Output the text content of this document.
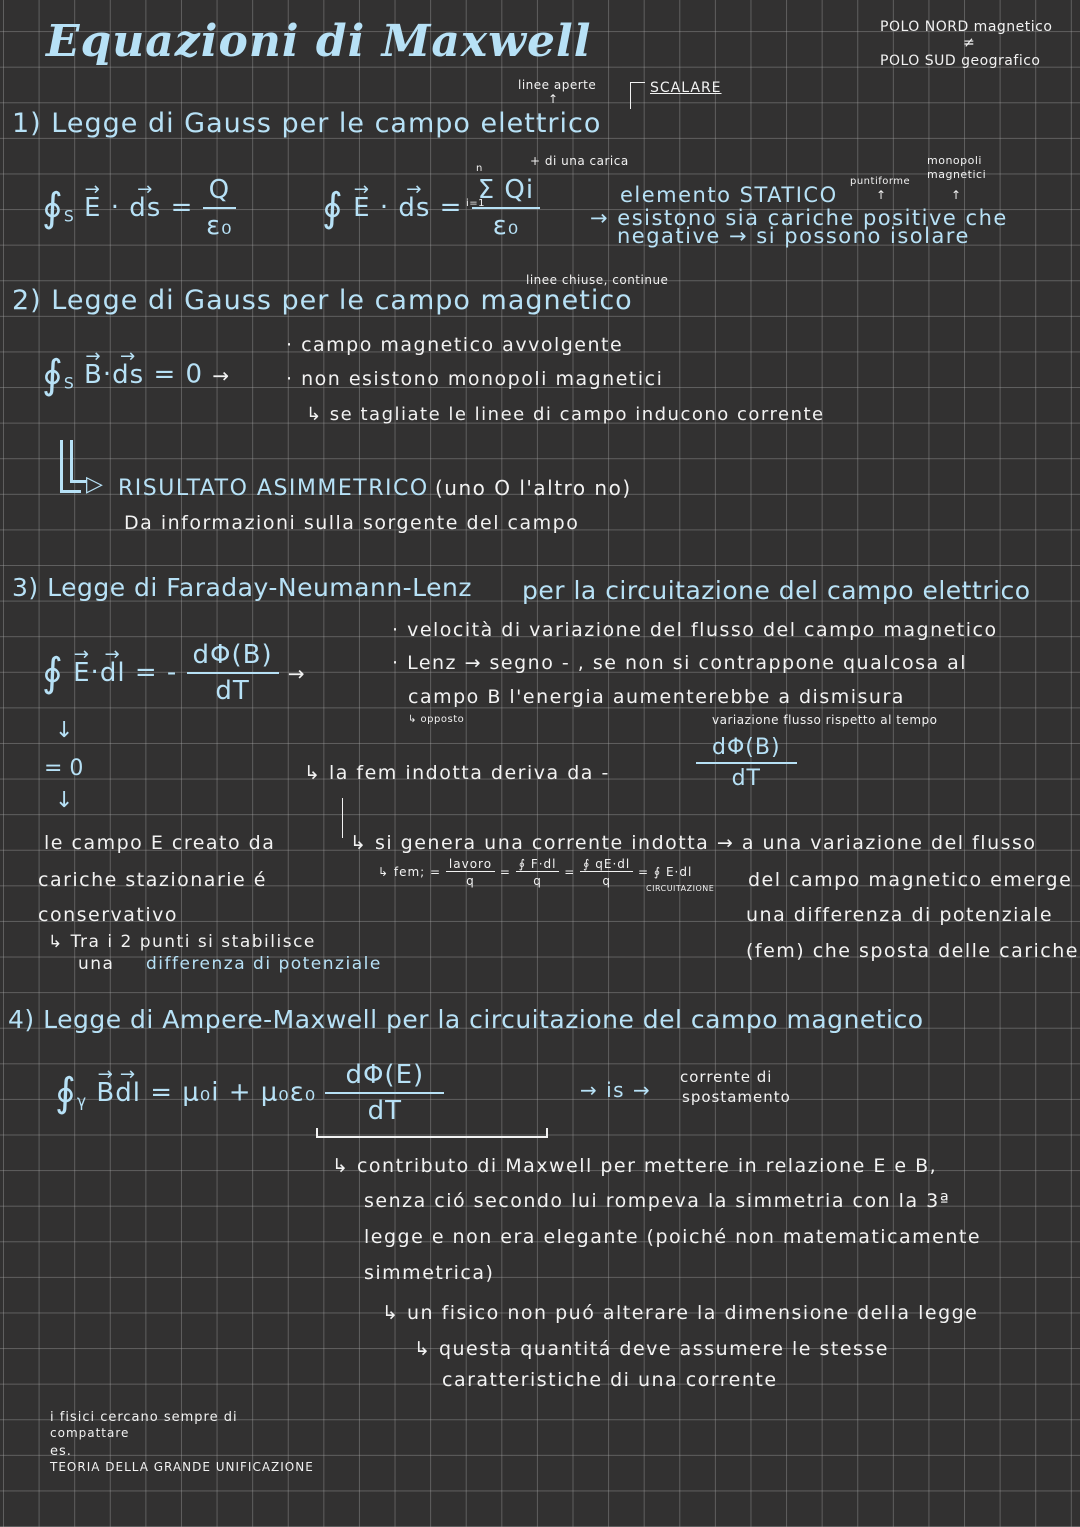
Equazioni di Maxwell	POLO NORD magnetico
≠
POLO SUD geografico
linee aperte
↑
SCALARE
1) Legge di Gauss per le campo elettrico
$∮_S \to E$ · → ds = $\frac{Q}{\text{ε₀}}$ ∮ → E · → ds = $\frac{\text{Σ Qi}}{\text{ε₀}}$
n
i=1
+ di una carica
puntiforme
monopoli magnetici
↑	↑
elemento STATICO
→ esistono sia cariche positive che
negative → si possono isolare
linee chiuse, continue
2) Legge di Gauss per le campo magnetico
$∮_S \to B\cdot\to$ ds = 0 →
· campo magnetico avvolgente
· non esistono monopoli magnetici
↳ se tagliate le linee di campo inducono corrente
▷ RISULTATO ASIMMETRICO (uno O l'altro no)
Da informazioni sulla sorgente del campo
3) Legge di Faraday-Neumann-Lenz per la circuitazione del campo elettrico
∮ → E·→ dl = - $\frac{d\Phi(B)}{dT}$ →
· velocità di variazione del flusso del campo magnetico
· Lenz → segno - , se non si contrappone qualcosa al
campo B l'energia aumenterebbe a dismisura
↳ opposto	variazione flusso rispetto al tempo
↓
= 0
↓
↳ la fem indotta deriva da -	$\frac{d\Phi(B)}{dT}$
le campo E creato da
cariche stazionarie é
conservativo
↳ Tra i 2 punti si stabilisce
una differenza di potenziale
↳ si genera una corrente indotta → a una variazione del flusso
↳ fem; = $\frac{\text{lavoro}}{q} = \frac{∮ F\cdot dl}{q} = \frac{∮ qE\cdot dl}{q}$ = ∮ E·dl
CIRCUITAZIONE del campo magnetico emerge
una differenza di potenziale
(fem) che sposta delle cariche
4) Legge di Ampere-Maxwell per la circuitazione del campo magnetico
$∮_\gamma \to B\to$ dl = $\mu_0i + \mu_0\varepsilon_0 \frac{d\Phi(E)}{dT}$	→ is →
corrente di
spostamento
↳ contributo di Maxwell per mettere in relazione E e B,
senza ció secondo lui rompeva la simmetria con la 3ª
legge e non era elegante (poiché non matematicamente
simmetrica)
↳ un fisico non puó alterare la dimensione della legge
↳ questa quantitá deve assumere le stesse
caratteristiche di una corrente
i fisici cercano sempre di
compattare
es.
TEORIA DELLA GRANDE UNIFICAZIONE
